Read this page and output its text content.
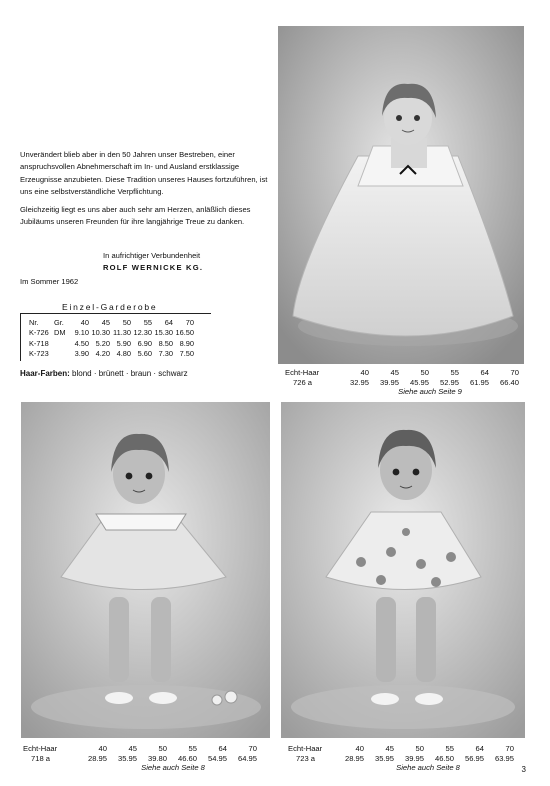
Unverändert blieb aber in den 50 Jahren unser Bestreben, einer anspruchsvollen Abnehmerschaft im In- und Ausland erstklassige Erzeugnisse anzubieten. Diese Tradition unseres Hauses fortzuführen, ist uns eine selbstverständliche Verpflichtung.

Gleichzeitig liegt es uns aber auch sehr am Herzen, anläßlich dieses Jubiläums unseren Freunden für ihre langjährige Treue zu danken.

In aufrichtiger Verbundenheit
ROLF WERNICKE KG.
Im Sommer 1962
Einzel-Garderobe
Nr.	Gr.	40	45	50	55	64	70
K-726	DM	9.10	10.30	11.30	12.30	15.30	16.50
K-718		4.50	5.20	5.90	6.90	8.50	8.90
K-723		3.90	4.20	4.80	5.60	7.30	7.50
Haar-Farben: blond · brünett · braun · schwarz	Echt-Haar	40	45	50	55	64	70
726 a	32.95	39.95	45.95	52.95	61.95	66.40
Siehe auch Seite 9
Echt-Haar	40	45	50	55	64	70
718 a	28.95	35.95	39.80	46.60	54.95	64.95
Siehe auch Seite 8
Echt-Haar	40	45	50	55	64	70
723 a	28.95	35.95	39.95	46.50	56.95	63.95
Siehe auch Seite 8	3
